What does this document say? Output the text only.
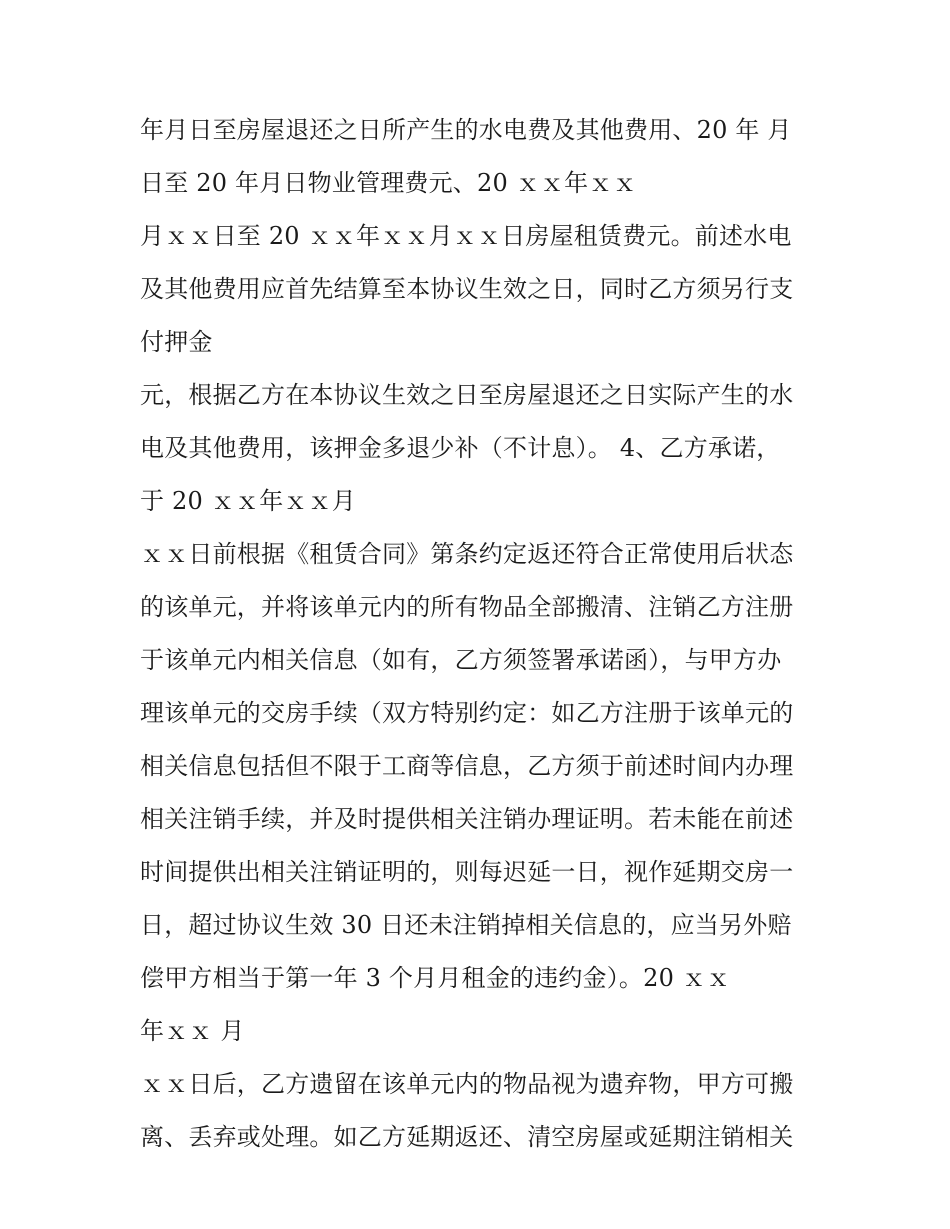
年月日至房屋退还之日所产生的水电费及其他费用、20 年 月
日至 20 年月日物业管理费元、20 ｘｘ年ｘｘ
月ｘｘ日至 20 ｘｘ年ｘｘ月ｘｘ日房屋租赁费元。前述水电
及其他费用应首先结算至本协议生效之日，同时乙方须另行支
付押金
元，根据乙方在本协议生效之日至房屋退还之日实际产生的水
电及其他费用，该押金多退少补（不计息）。 4、乙方承诺，
于 20 ｘｘ年ｘｘ月
ｘｘ日前根据《租赁合同》第条约定返还符合正常使用后状态
的该单元，并将该单元内的所有物品全部搬清、注销乙方注册
于该单元内相关信息（如有，乙方须签署承诺函），与甲方办
理该单元的交房手续（双方特别约定：如乙方注册于该单元的
相关信息包括但不限于工商等信息，乙方须于前述时间内办理
相关注销手续，并及时提供相关注销办理证明。若未能在前述
时间提供出相关注销证明的，则每迟延一日，视作延期交房一
日，超过协议生效 30 日还未注销掉相关信息的，应当另外赔
偿甲方相当于第一年 3 个月月租金的违约金）。20 ｘｘ
年ｘｘ 月
ｘｘ日后，乙方遗留在该单元内的物品视为遗弃物，甲方可搬
离、丢弃或处理。如乙方延期返还、清空房屋或延期注销相关
